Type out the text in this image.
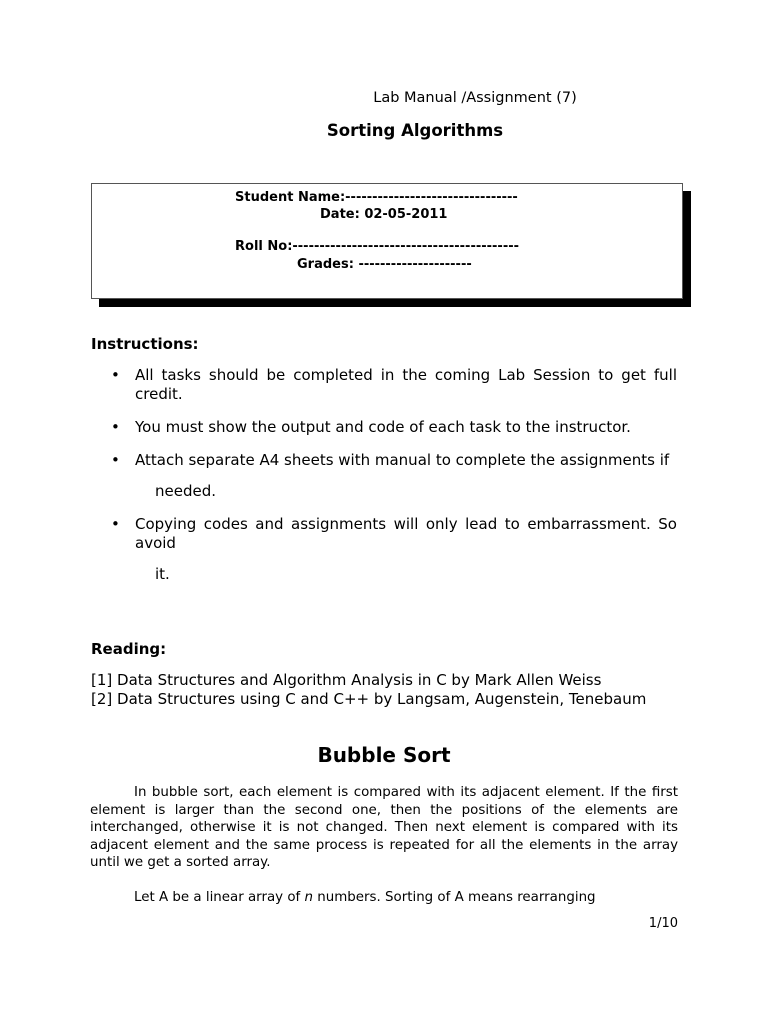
Lab Manual /Assignment (7)
Sorting Algorithms
Student Name:--------------------------------
Date: 02-05-2011
Roll No:------------------------------------------
Grades: ---------------------
Instructions:
• All tasks should be completed in the coming Lab Session to get full credit.
• You must show the output and code of each task to the instructor.
• Attach separate A4 sheets with manual to complete the assignments if
needed.
• Copying codes and assignments will only lead to embarrassment. So avoid
it.
Reading:
[1] Data Structures and Algorithm Analysis in C by Mark Allen Weiss
[2] Data Structures using C and C++ by Langsam, Augenstein, Tenebaum
Bubble Sort
In bubble sort, each element is compared with its adjacent element. If the first element is larger than the second one, then the positions of the elements are interchanged, otherwise it is not changed. Then next element is compared with its adjacent element and the same process is repeated for all the elements in the array until we get a sorted array.
Let A be a linear array of n numbers. Sorting of A means rearranging
1/10
